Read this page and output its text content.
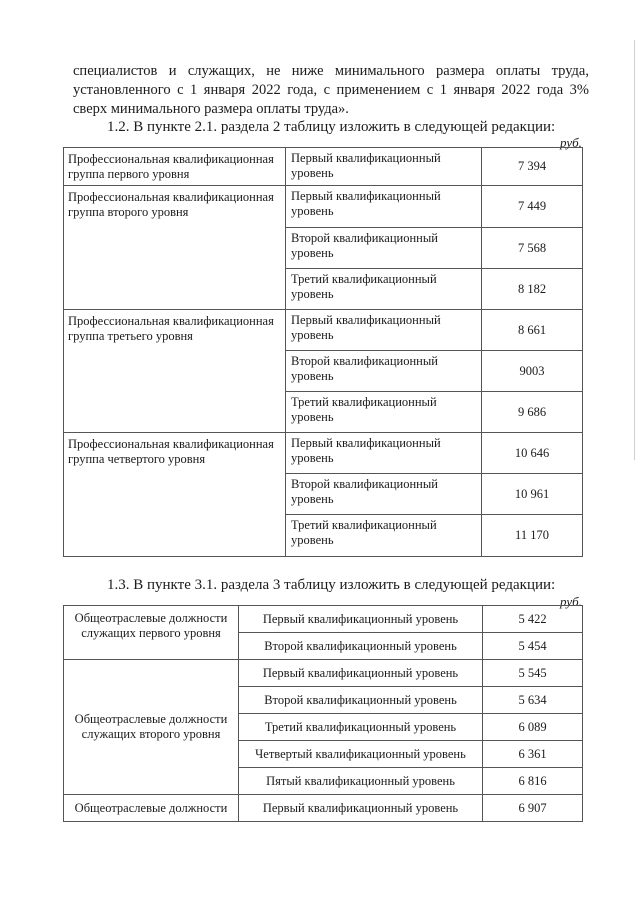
специалистов и служащих, не ниже минимального размера оплаты труда,
установленного с 1 января 2022 года, с применением с 1 января 2022 года 3%
сверх минимального размера оплаты труда».
1.2. В пункте 2.1. раздела 2 таблицу изложить в следующей редакции:
руб.
Профессиональная квалификационная группа первого уровня	Первый квалификационный уровень	7 394
Профессиональная квалификационная группа второго уровня	Первый квалификационный уровень	7 449
	Второй квалификационный уровень	7 568
	Третий квалификационный уровень	8 182
Профессиональная квалификационная группа третьего уровня	Первый квалификационный уровень	8 661
	Второй квалификационный уровень	9003
	Третий квалификационный уровень	9 686
Профессиональная квалификационная группа четвертого уровня	Первый квалификационный уровень	10 646
	Второй квалификационный уровень	10 961
	Третий квалификационный уровень	11 170
1.3. В пункте 3.1. раздела 3 таблицу изложить в следующей редакции:
руб.
Общеотраслевые должности служащих первого уровня	Первый квалификационный уровень	5 422
	Второй квалификационный уровень	5 454
Общеотраслевые должности служащих второго уровня	Первый квалификационный уровень	5 545
	Второй квалификационный уровень	5 634
	Третий квалификационный уровень	6 089
	Четвертый квалификационный уровень	6 361
	Пятый квалификационный уровень	6 816
Общеотраслевые должности	Первый квалификационный уровень	6 907
